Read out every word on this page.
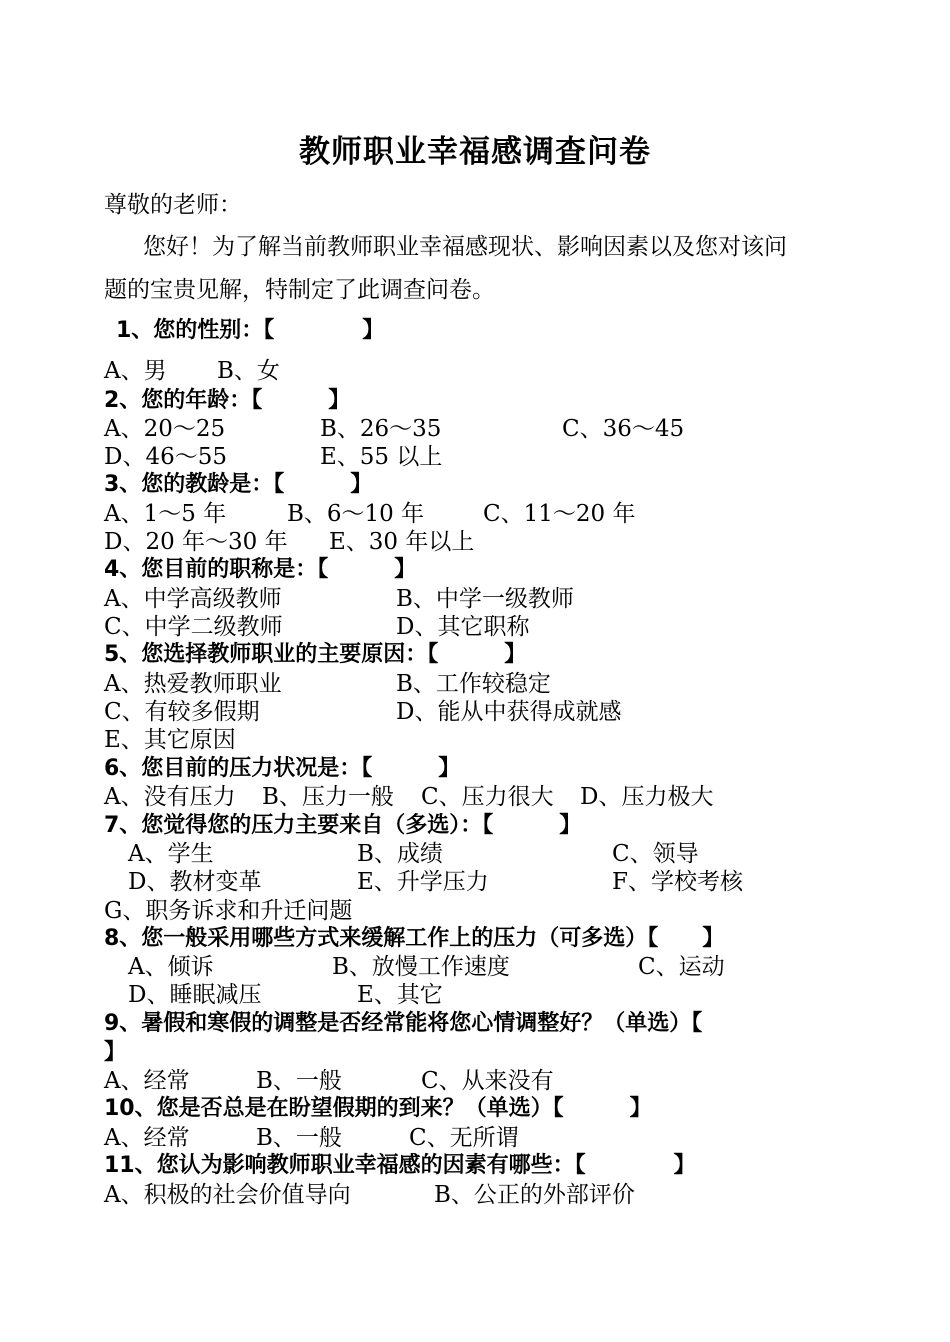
教师职业幸福感调查问卷
尊敬的老师：
您好！为了解当前教师职业幸福感现状、影响因素以及您对该问
题的宝贵见解，特制定了此调查问卷。
1、您的性别：【　　　　】
A、男 B、女
2、您的年龄：【　　　】
A、20～25	B、26～35	C、36～45
D、46～55	E、55 以上
3、您的教龄是：【　　　】
A、1～5 年	B、6～10 年	C、11～20 年
D、20 年～30 年 E、30 年以上
4、您目前的职称是：【　　　】
A、中学高级教师	B、中学一级教师
C、中学二级教师	D、其它职称
5、您选择教师职业的主要原因：【　　　】
A、热爱教师职业	B、工作较稳定
C、有较多假期	D、能从中获得成就感
E、其它原因
6、您目前的压力状况是：【　　　】
A、没有压力 B、压力一般 C、压力很大 D、压力极大
7、您觉得您的压力主要来自（多选）：【　　　】
A、学生	B、成绩	C、领导
D、教材变革	E、升学压力	F、学校考核
G、职务诉求和升迁问题
8、您一般采用哪些方式来缓解工作上的压力（可多选）【　　】
A、倾诉	B、放慢工作速度	C、运动
D、睡眠减压	E、其它
9、暑假和寒假的调整是否经常能将您心情调整好？（单选）【
】
A、经常	B、一般	C、从来没有
10、您是否总是在盼望假期的到来？（单选）【　　　】
A、经常	B、一般	C、无所谓
11、您认为影响教师职业幸福感的因素有哪些：【　　　　】
A、积极的社会价值导向	B、公正的外部评价
